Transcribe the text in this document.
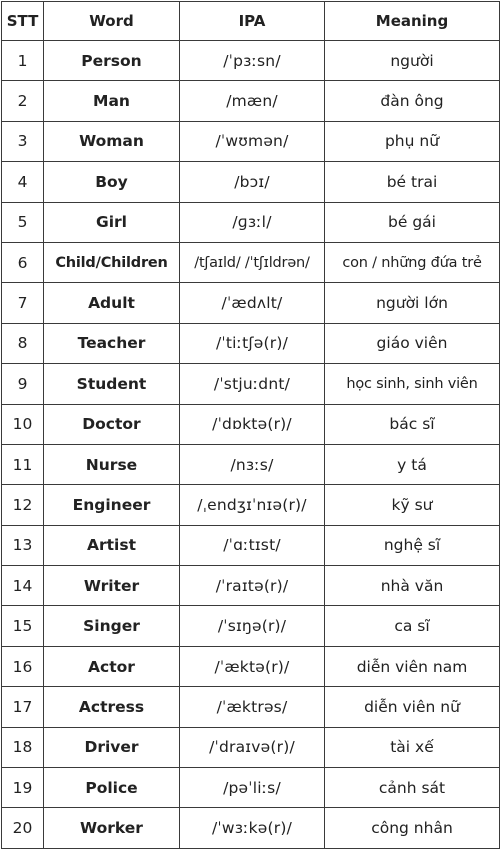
STT	Word	IPA	Meaning
1	Person	/ˈpɜːsn/	người
2	Man	/mæn/	đàn ông
3	Woman	/ˈwʊmən/	phụ nữ
4	Boy	/bɔɪ/	bé trai
5	Girl	/ɡɜːl/	bé gái
6	Child/Children	/tʃaɪld/ /ˈtʃɪldrən/	con / những đứa trẻ
7	Adult	/ˈædʌlt/	người lớn
8	Teacher	/ˈtiːtʃə(r)/	giáo viên
9	Student	/ˈstjuːdnt/	học sinh, sinh viên
10	Doctor	/ˈdɒktə(r)/	bác sĩ
11	Nurse	/nɜːs/	y tá
12	Engineer	/ˌendʒɪˈnɪə(r)/	kỹ sư
13	Artist	/ˈɑːtɪst/	nghệ sĩ
14	Writer	/ˈraɪtə(r)/	nhà văn
15	Singer	/ˈsɪŋə(r)/	ca sĩ
16	Actor	/ˈæktə(r)/	diễn viên nam
17	Actress	/ˈæktrəs/	diễn viên nữ
18	Driver	/ˈdraɪvə(r)/	tài xế
19	Police	/pəˈliːs/	cảnh sát
20	Worker	/ˈwɜːkə(r)/	công nhân
